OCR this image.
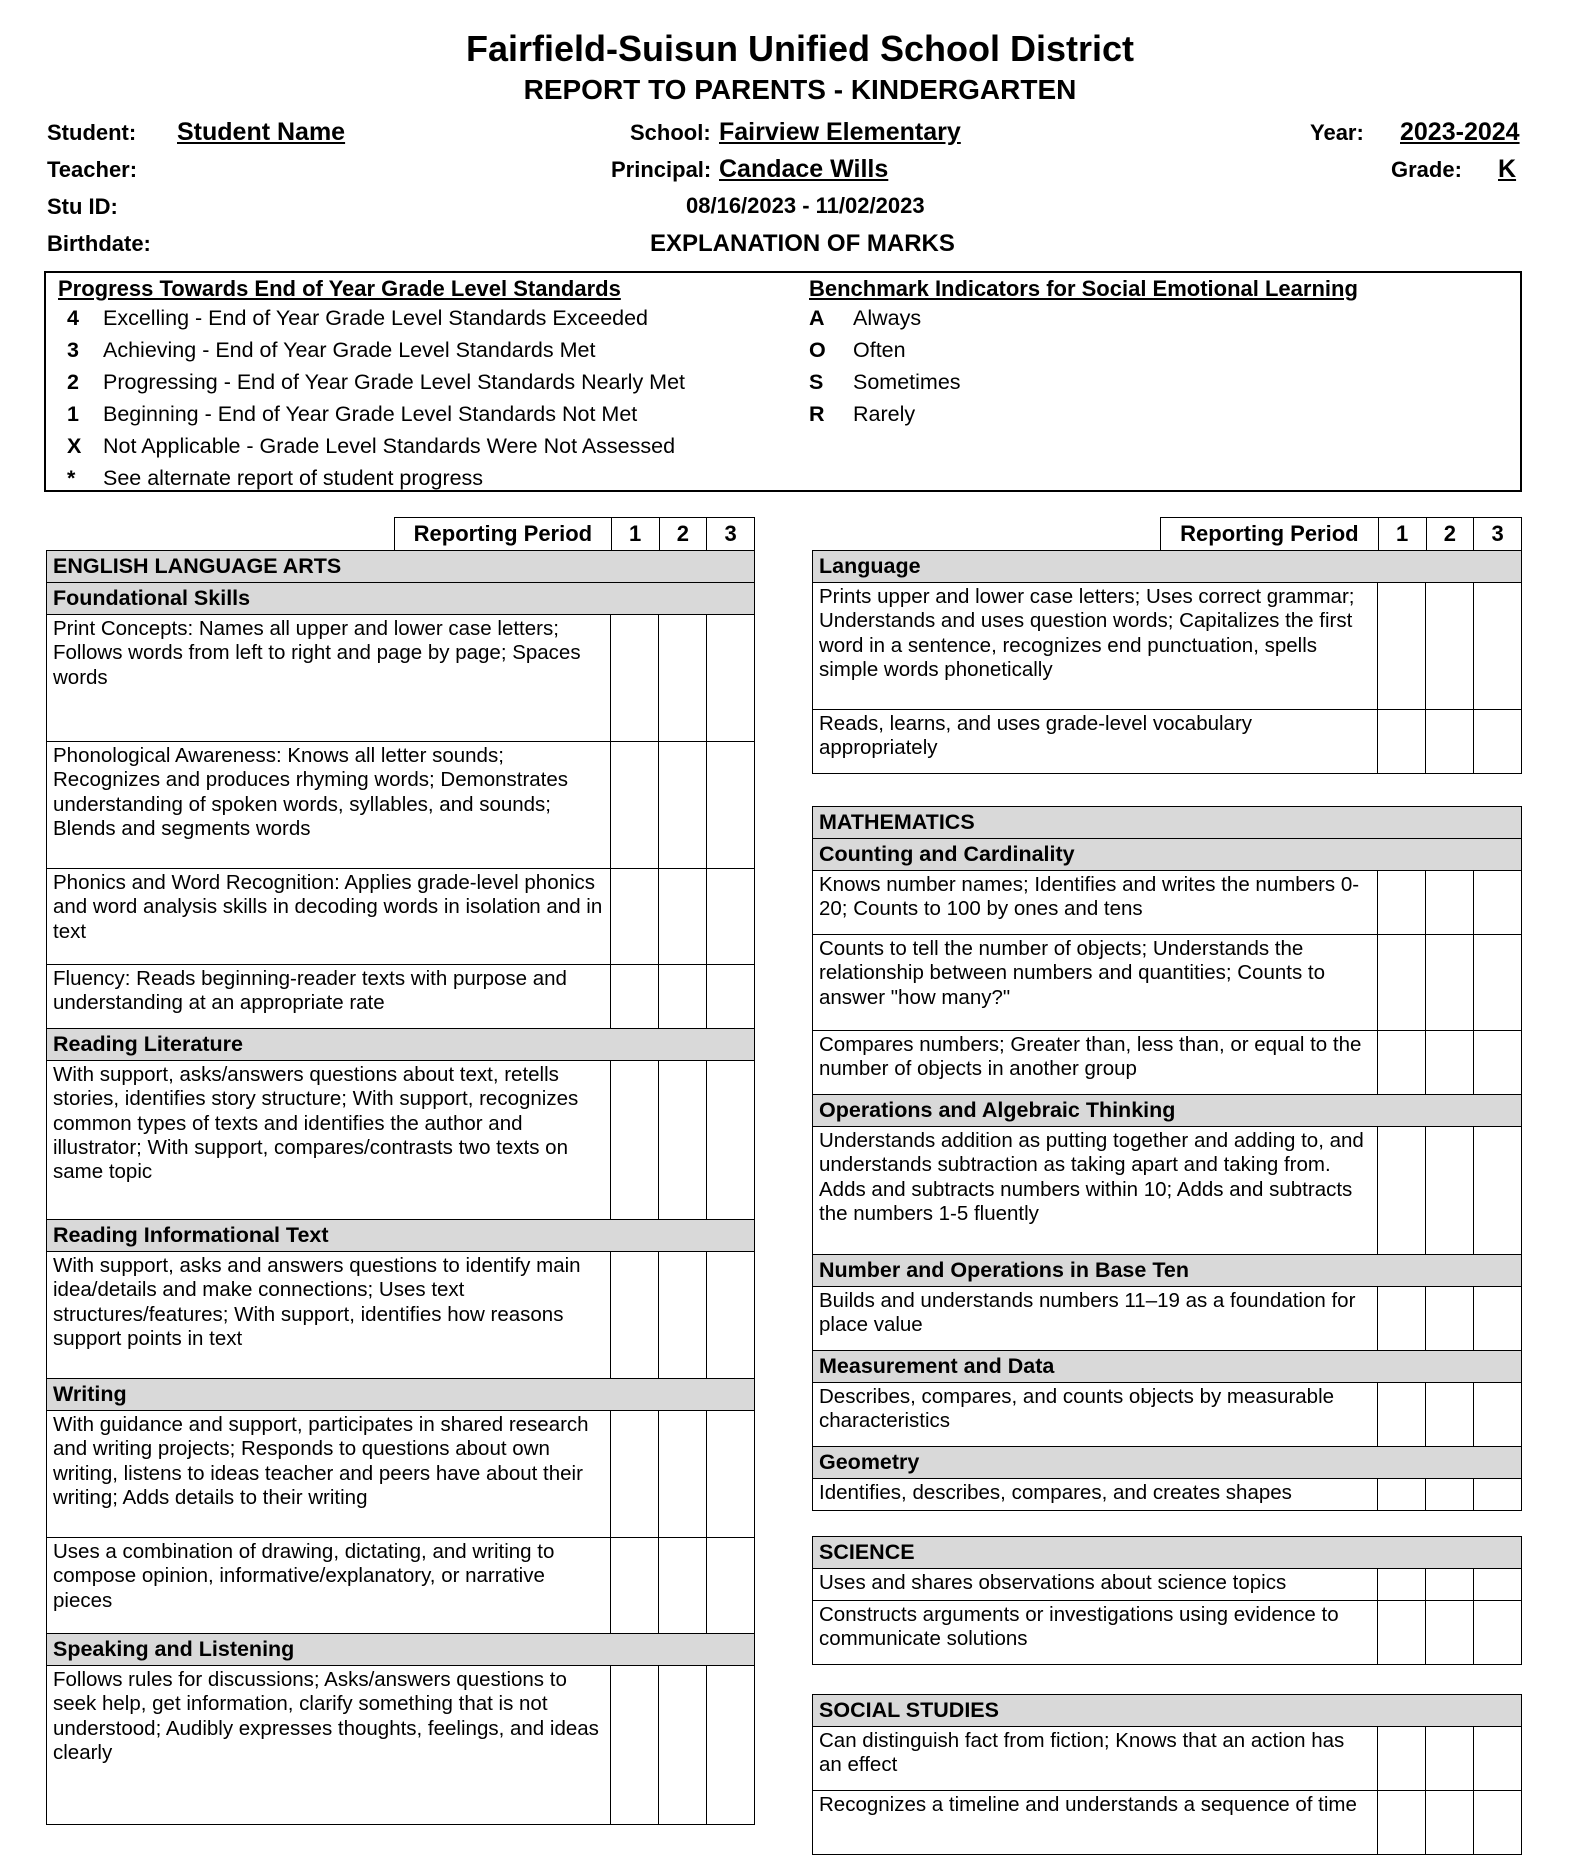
Fairfield-Suisun Unified School District
REPORT TO PARENTS - KINDERGARTEN
Student: Student Name
Teacher:
Stu ID:
Birthdate:
School: Fairview Elementary
Principal: Candace Wills
08/16/2023 - 11/02/2023
EXPLANATION OF MARKS
Year: 2023-2024
Grade: K
Progress Towards End of Year Grade Level Standards
4 Excelling - End of Year Grade Level Standards Exceeded
3 Achieving - End of Year Grade Level Standards Met
2 Progressing - End of Year Grade Level Standards Nearly Met
1 Beginning - End of Year Grade Level Standards Not Met
X Not Applicable - Grade Level Standards Were Not Assessed
* See alternate report of student progress
Benchmark Indicators for Social Emotional Learning
A Always
O Often
S Sometimes
R Rarely
Reporting Period	1	2	3	Reporting Period	1	2	3
ENGLISH LANGUAGE ARTS
Foundational Skills
Print Concepts: Names all upper and lower case letters; Follows words from left to right and page by page; Spaces words
Phonological Awareness: Knows all letter sounds; Recognizes and produces rhyming words; Demonstrates understanding of spoken words, syllables, and sounds; Blends and segments words
Phonics and Word Recognition: Applies grade-level phonics and word analysis skills in decoding words in isolation and in text
Fluency: Reads beginning-reader texts with purpose and understanding at an appropriate rate
Reading Literature
With support, asks/answers questions about text, retells stories, identifies story structure; With support, recognizes common types of texts and identifies the author and illustrator; With support, compares/contrasts two texts on same topic
Reading Informational Text
With support, asks and answers questions to identify main idea/details and make connections; Uses text structures/features; With support, identifies how reasons support points in text
Writing
With guidance and support, participates in shared research and writing projects; Responds to questions about own writing, listens to ideas teacher and peers have about their writing; Adds details to their writing
Uses a combination of drawing, dictating, and writing to compose opinion, informative/explanatory, or narrative pieces
Speaking and Listening
Follows rules for discussions; Asks/answers questions to seek help, get information, clarify something that is not understood; Audibly expresses thoughts, feelings, and ideas clearly
Language
Prints upper and lower case letters; Uses correct grammar; Understands and uses question words; Capitalizes the first word in a sentence, recognizes end punctuation, spells simple words phonetically
Reads, learns, and uses grade-level vocabulary appropriately
MATHEMATICS
Counting and Cardinality
Knows number names; Identifies and writes the numbers 0-20; Counts to 100 by ones and tens
Counts to tell the number of objects; Understands the relationship between numbers and quantities; Counts to answer "how many?"
Compares numbers; Greater than, less than, or equal to the number of objects in another group
Operations and Algebraic Thinking
Understands addition as putting together and adding to, and understands subtraction as taking apart and taking from. Adds and subtracts numbers within 10; Adds and subtracts the numbers 1-5 fluently
Number and Operations in Base Ten
Builds and understands numbers 11–19 as a foundation for place value
Measurement and Data
Describes, compares, and counts objects by measurable characteristics
Geometry
Identifies, describes, compares, and creates shapes
SCIENCE
Uses and shares observations about science topics
Constructs arguments or investigations using evidence to communicate solutions
SOCIAL STUDIES
Can distinguish fact from fiction; Knows that an action has an effect
Recognizes a timeline and understands a sequence of time
